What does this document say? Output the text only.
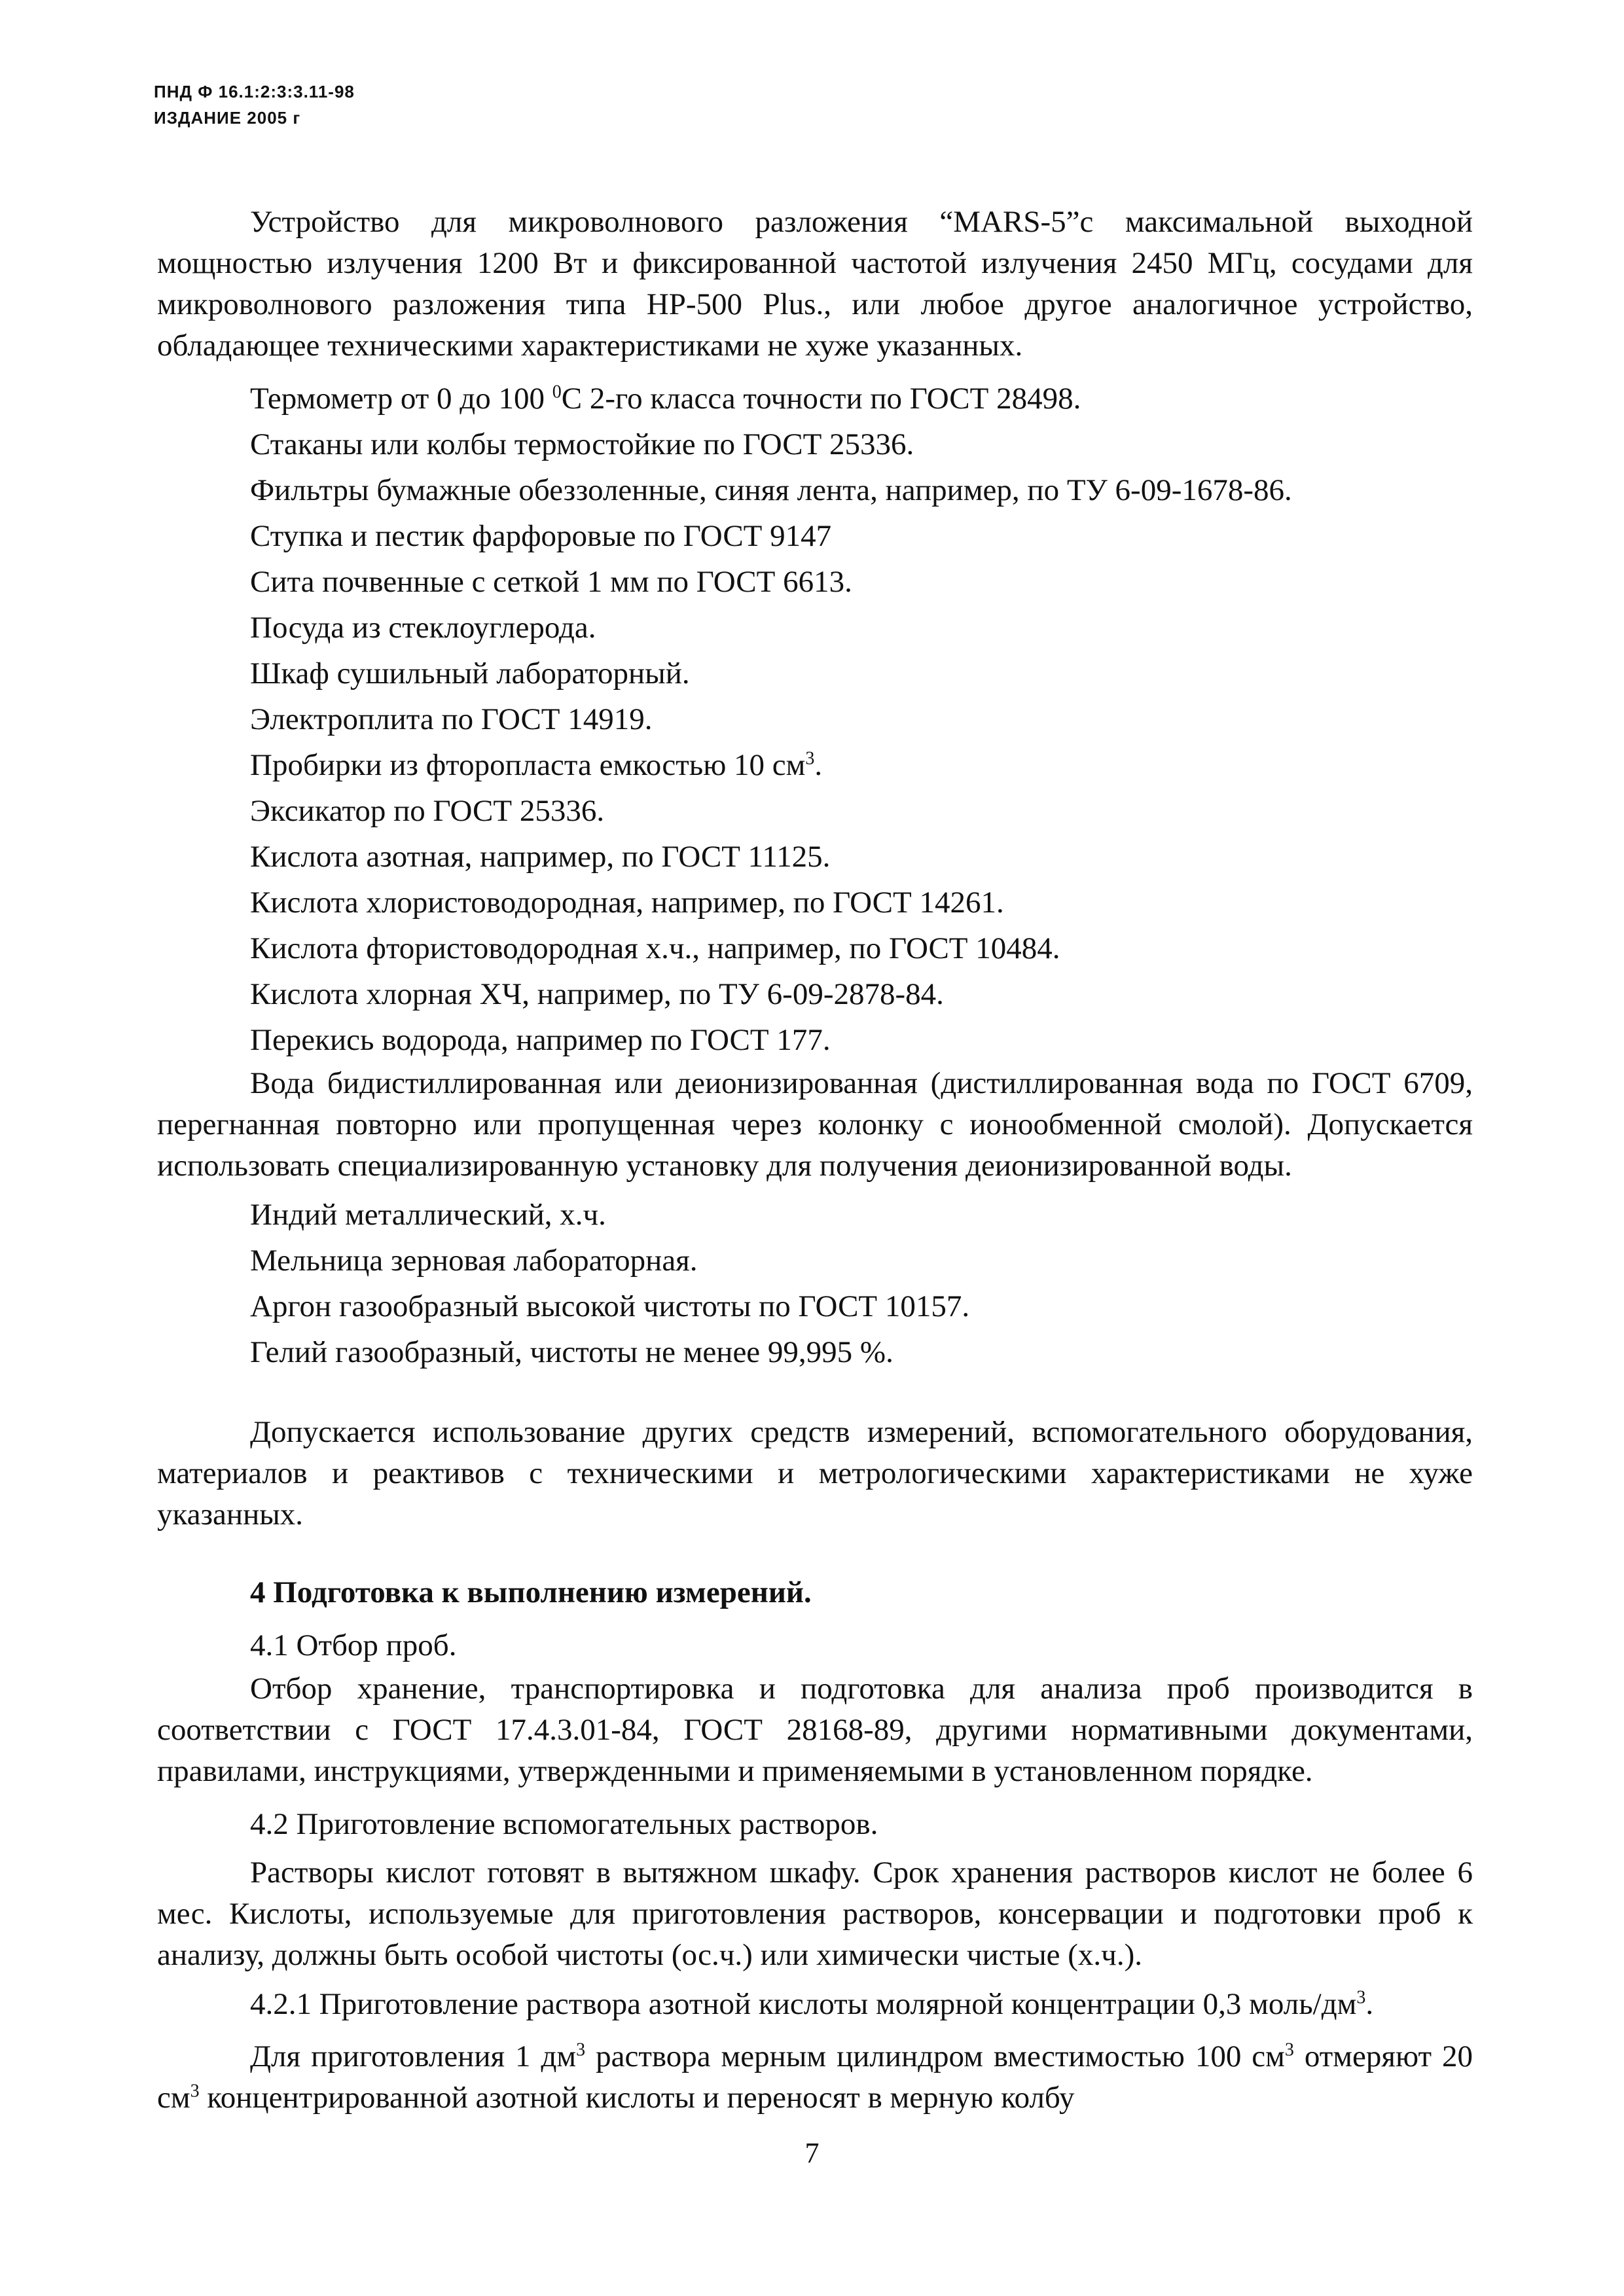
ПНД Ф 16.1:2:3:3.11-98
ИЗДАНИЕ 2005 г

Устройство для микроволнового разложения “MARS-5”с максимальной выходной мощностью излучения 1200 Вт и фиксированной частотой излучения 2450 МГц, сосудами для микроволнового разложения типа HP-500 Plus., или любое другое аналогичное устройство, обладающее техническими характеристиками не хуже указанных.

Термометр от 0 до 100 $^0$С 2-го класса точности по ГОСТ 28498.

Стаканы или колбы термостойкие по ГОСТ 25336.

Фильтры бумажные обеззоленные, синяя лента, например, по ТУ 6-09-1678-86.

Ступка и пестик фарфоровые по ГОСТ 9147

Сита почвенные с сеткой 1 мм по ГОСТ 6613.

Посуда из стеклоуглерода.

Шкаф сушильный лабораторный.

Электроплита по ГОСТ 14919.

Пробирки из фторопласта емкостью 10 $см^3$.

Эксикатор по ГОСТ 25336.

Кислота азотная, например, по ГОСТ 11125.

Кислота хлористоводородная, например, по ГОСТ 14261.

Кислота фтористоводородная х.ч., например, по ГОСТ 10484.

Кислота хлорная ХЧ, например, по ТУ 6-09-2878-84.

Перекись водорода, например по ГОСТ 177.

Вода бидистиллированная или деионизированная (дистиллированная вода по ГОСТ 6709, перегнанная повторно или пропущенная через колонку с ионообменной смолой). Допускается использовать специализированную установку для получения деионизированной воды.

Индий металлический, х.ч.

Мельница зерновая лабораторная.

Аргон газообразный высокой чистоты по ГОСТ 10157.

Гелий газообразный, чистоты не менее 99,995 %.

Допускается использование других средств измерений, вспомогательного оборудования, материалов и реактивов с техническими и метрологическими характеристиками не хуже указанных.

4 Подготовка к выполнению измерений.

4.1 Отбор проб.

Отбор хранение, транспортировка и подготовка для анализа проб производится в соответствии с ГОСТ 17.4.3.01-84, ГОСТ 28168-89, другими нормативными документами, правилами, инструкциями, утвержденными и применяемыми в установленном порядке.

4.2 Приготовление вспомогательных растворов.

Растворы кислот готовят в вытяжном шкафу. Срок хранения растворов кислот не более 6 мес. Кислоты, используемые для приготовления растворов, консервации и подготовки проб к анализу, должны быть особой чистоты (ос.ч.) или химически чистые (х.ч.).

4.2.1 Приготовление раствора азотной кислоты молярной концентрации 0,3 моль/$дм^3$.

Для приготовления 1 $дм^3$ раствора мерным цилиндром вместимостью 100 $см^3$ отмеряют 20 $см^3$ концентрированной азотной кислоты и переносят в мерную колбу

7
